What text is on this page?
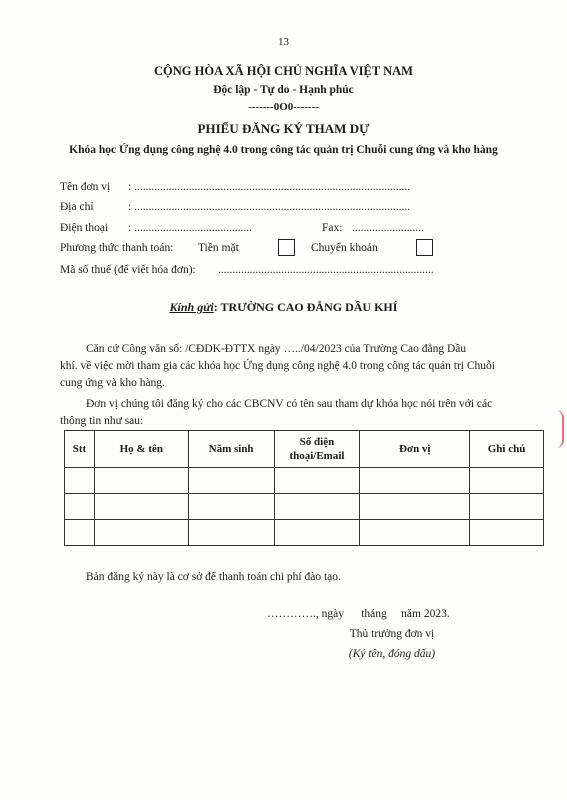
13
CỘNG HÒA XÃ HỘI CHỦ NGHĨA VIỆT NAM
Độc lập - Tự do - Hạnh phúc
-------0O0-------
PHIẾU ĐĂNG KÝ THAM DỰ
Khóa học Ứng dụng công nghệ 4.0 trong công tác quản trị Chuỗi cung ứng và kho hàng
Tên đơn vị : ................................................................................................
Địa chỉ	: ................................................................................................
Điện thoại : .........................................	Fax: .........................
Phương thức thanh toán: Tiền mặt	Chuyển khoản
Mã số thuế (để viết hóa đơn): ...........................................................................
Kính gửi: TRƯỜNG CAO ĐẲNG DẦU KHÍ
Căn cứ Công văn số: /CĐDK-ĐTTX ngày …../04/2023 của Trường Cao đẳng Dầu
khí. về việc mời tham gia các khóa học Ứng dụng công nghệ 4.0 trong công tác quản trị Chuỗi
cung ứng và kho hàng.
Đơn vị chúng tôi đăng ký cho các CBCNV có tên sau tham dự khóa học nói trên với các
thông tin như sau:
Stt	Họ & tên	Năm sinh	Số điện thoại/Email	Đơn vị	Ghi chú

Bản đăng ký này là cơ sở để thanh toán chi phí đào tạo.
…………., ngày      tháng     năm 2023.
Thủ trưởng đơn vị
(Ký tên, đóng dấu)
